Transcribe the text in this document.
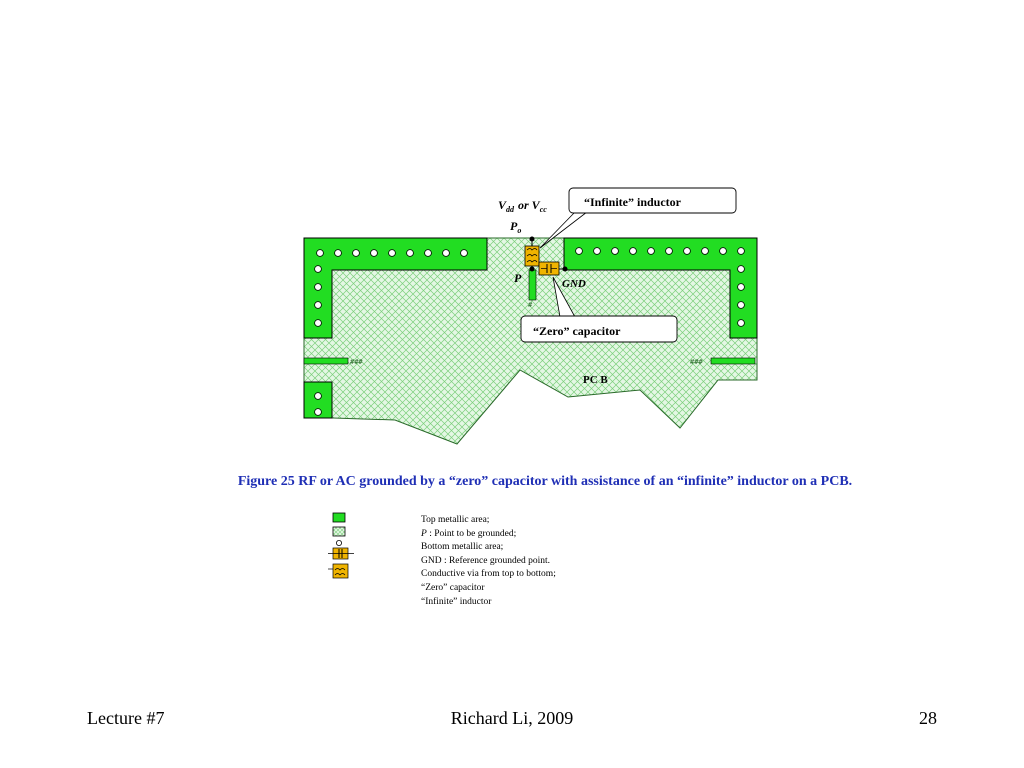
###	###
#
“Infinite” inductor
“Zero” capacitor
$V_{dd}$ or $V_{cc}$
$P_o$
P	GND
PC B
Figure 25 RF or AC grounded by a “zero” capacitor with assistance of an “infinite” inductor on a PCB.
Top metallic area;
P : Point to be grounded;
Bottom metallic area;
GND : Reference grounded point.
Conductive via from top to bottom;
“Zero” capacitor
“Infinite” inductor
Lecture #7	Richard Li, 2009	28
